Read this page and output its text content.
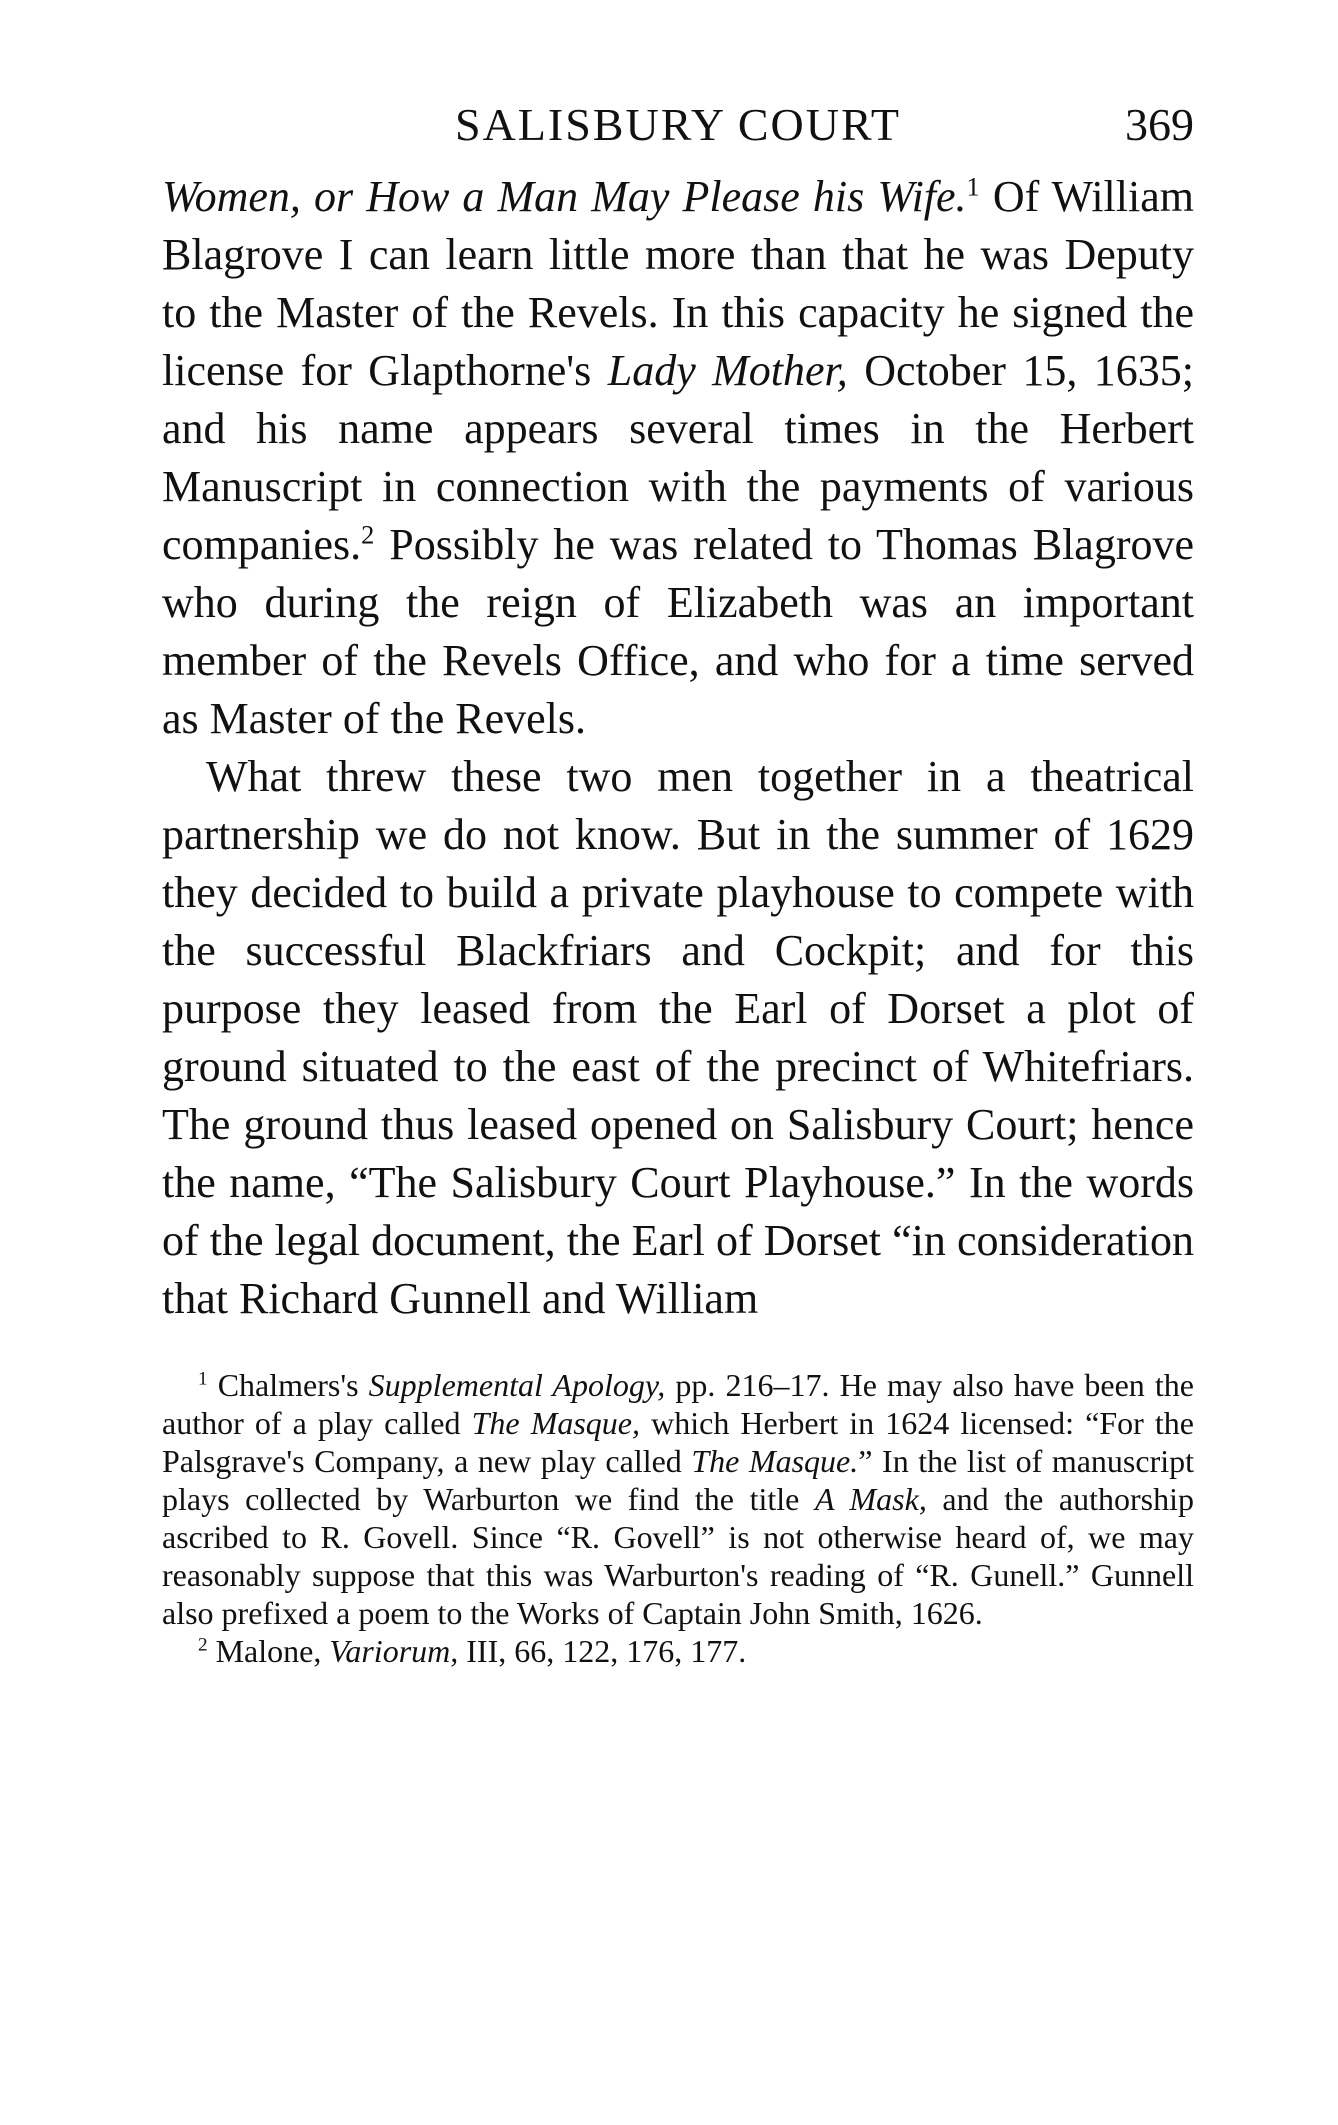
SALISBURY COURT	369

Women, or How a Man May Please his Wife.$^1$ Of William Blagrove I can learn little more than that he was Deputy to the Master of the Revels. In this capacity he signed the license for Glapthorne's Lady Mother, October 15, 1635; and his name appears several times in the Herbert Manuscript in connection with the payments of various companies.$^2$ Possibly he was related to Thomas Blagrove who during the reign of Elizabeth was an important member of the Revels Office, and who for a time served as Master of the Revels.

What threw these two men together in a theatrical partnership we do not know. But in the summer of 1629 they decided to build a private playhouse to compete with the successful Blackfriars and Cockpit; and for this purpose they leased from the Earl of Dorset a plot of ground situated to the east of the precinct of Whitefriars. The ground thus leased opened on Salisbury Court; hence the name, “The Salisbury Court Playhouse.” In the words of the legal document, the Earl of Dorset “in consideration that Richard Gunnell and William

$^1$ Chalmers's Supplemental Apology, pp. 216–17. He may also have been the author of a play called The Masque, which Herbert in 1624 licensed: “For the Palsgrave's Company, a new play called The Masque.” In the list of manuscript plays collected by Warburton we find the title A Mask, and the authorship ascribed to R. Govell. Since “R. Govell” is not otherwise heard of, we may reasonably suppose that this was Warburton's reading of “R. Gunell.” Gunnell also prefixed a poem to the Works of Captain John Smith, 1626.

$^2$ Malone, Variorum, III, 66, 122, 176, 177.
